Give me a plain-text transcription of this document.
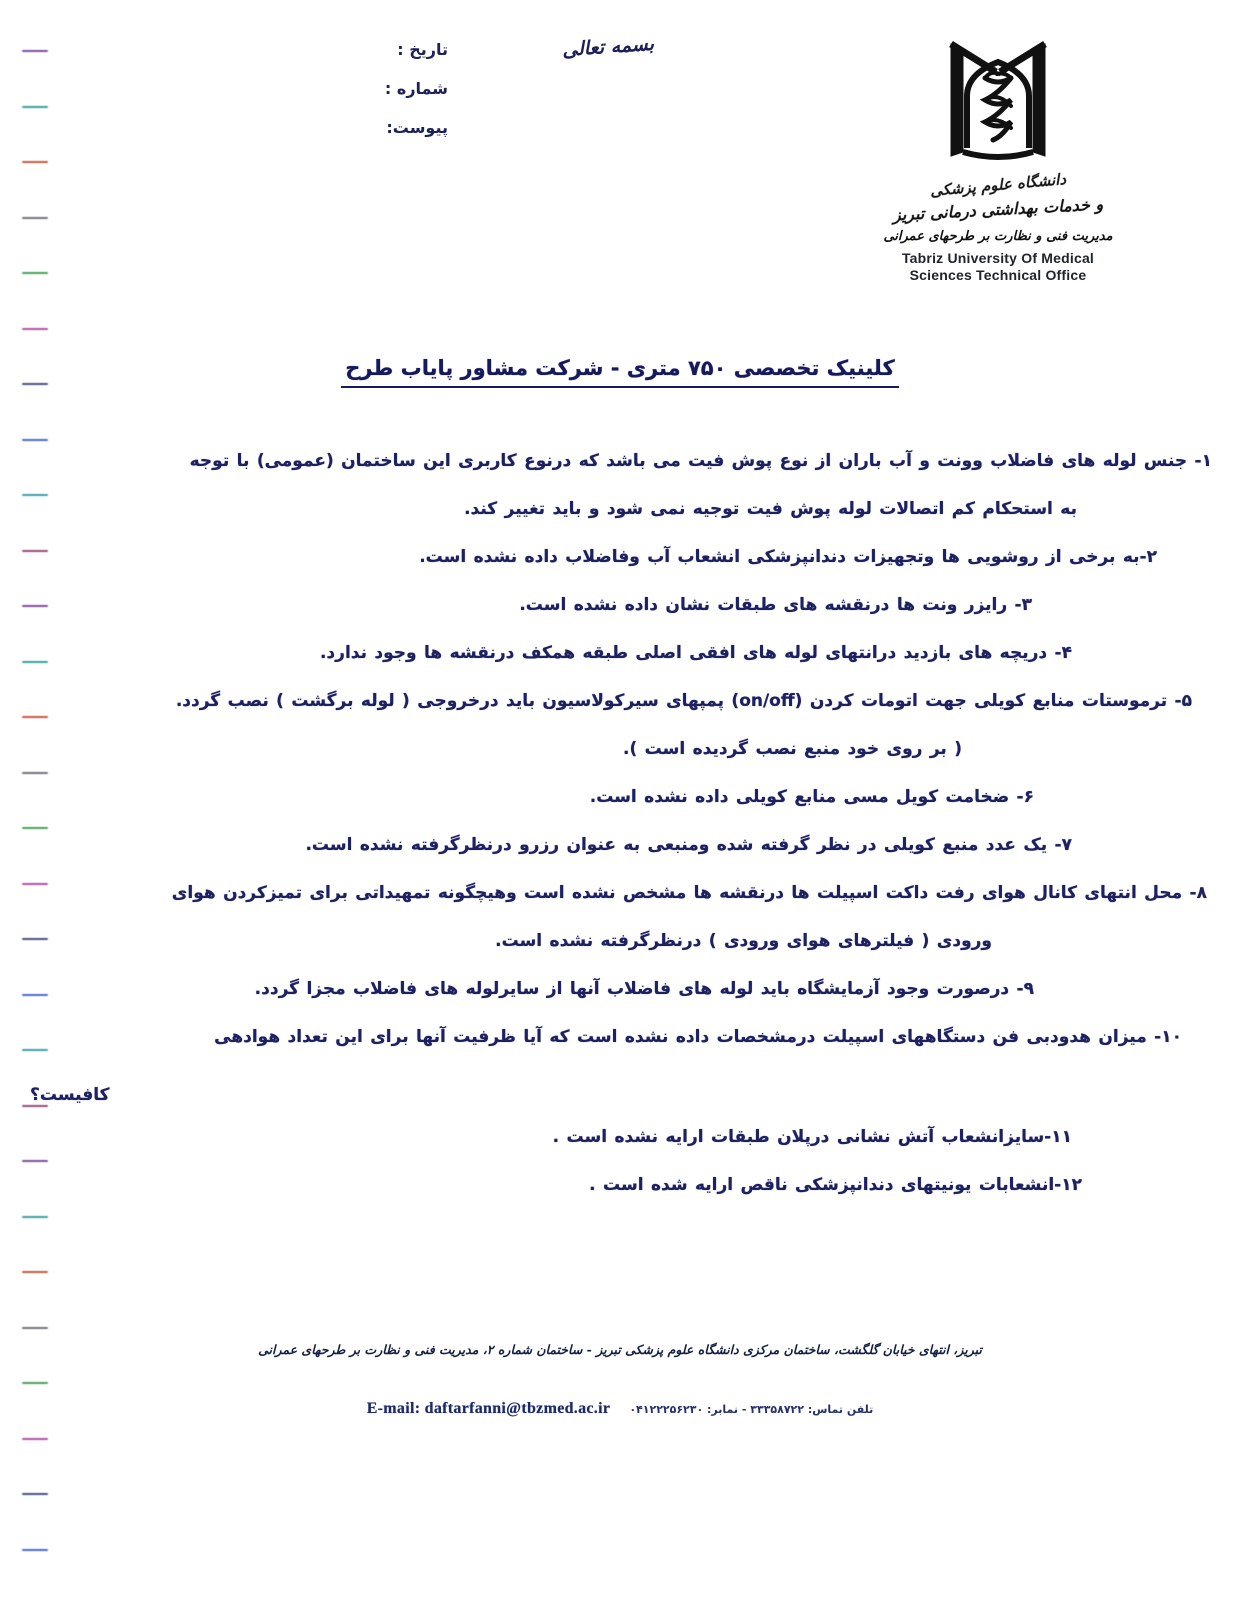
بسمه تعالی
تاریخ :
شماره :
پیوست:
دانشگاه علوم پزشکی
و خدمات بهداشتی درمانی تبریز
مدیریت فنی و نظارت بر طرحهای عمرانی
Tabriz University Of Medical
Sciences Technical Office
کلینیک تخصصی ۷۵۰ متری - شرکت مشاور پایاب طرح
۱- جنس لوله های فاضلاب وونت و آب باران از نوع پوش فیت می باشد که درنوع کاربری این ساختمان (عمومی) با توجه
به استحکام کم اتصالات لوله پوش فیت توجیه نمی شود و باید تغییر کند.
۲-به برخی از روشویی ها وتجهیزات دندانپزشکی انشعاب آب وفاضلاب داده نشده است.
۳- رایزر ونت ها درنقشه های طبقات نشان داده نشده است.
۴- دریچه های بازدید درانتهای لوله های افقی اصلی طبقه همکف درنقشه ها وجود ندارد.
۵- ترموستات منابع کویلی جهت اتومات کردن (on/off) پمپهای سیرکولاسیون باید درخروجی ( لوله برگشت ) نصب گردد.
( بر روی خود منبع نصب گردیده است ).
۶- ضخامت کویل مسی منابع کویلی داده نشده است.
۷- یک عدد منبع کویلی در نظر گرفته شده ومنبعی به عنوان رزرو درنظرگرفته نشده است.
۸- محل انتهای کانال هوای رفت داکت اسپیلت ها درنقشه ها مشخص نشده است وهیچگونه تمهیداتی برای تمیزکردن هوای
ورودی ( فیلترهای هوای ورودی ) درنظرگرفته نشده است.
۹- درصورت وجود آزمایشگاه باید لوله های فاضلاب آنها از سایرلوله های فاضلاب مجزا گردد.
۱۰- میزان هدودبی فن دستگاههای اسپیلت درمشخصات داده نشده است که آیا ظرفیت آنها برای این تعداد هوادهی
کافیست؟
۱۱-سایزانشعاب آتش نشانی درپلان طبقات ارایه نشده است .
۱۲-انشعابات یونیتهای دندانپزشکی ناقص ارایه شده است .
تبریز، انتهای خیابان گلگشت، ساختمان مرکزی دانشگاه علوم پزشکی تبریز - ساختمان شماره ۲، مدیریت فنی و نظارت بر طرحهای عمرانی
E-mail: daftarfanni@tbzmed.ac.ir تلفن تماس: ۳۳۳۵۸۷۲۲ - نمابر: ۰۴۱۲۲۲۵۶۲۳۰
